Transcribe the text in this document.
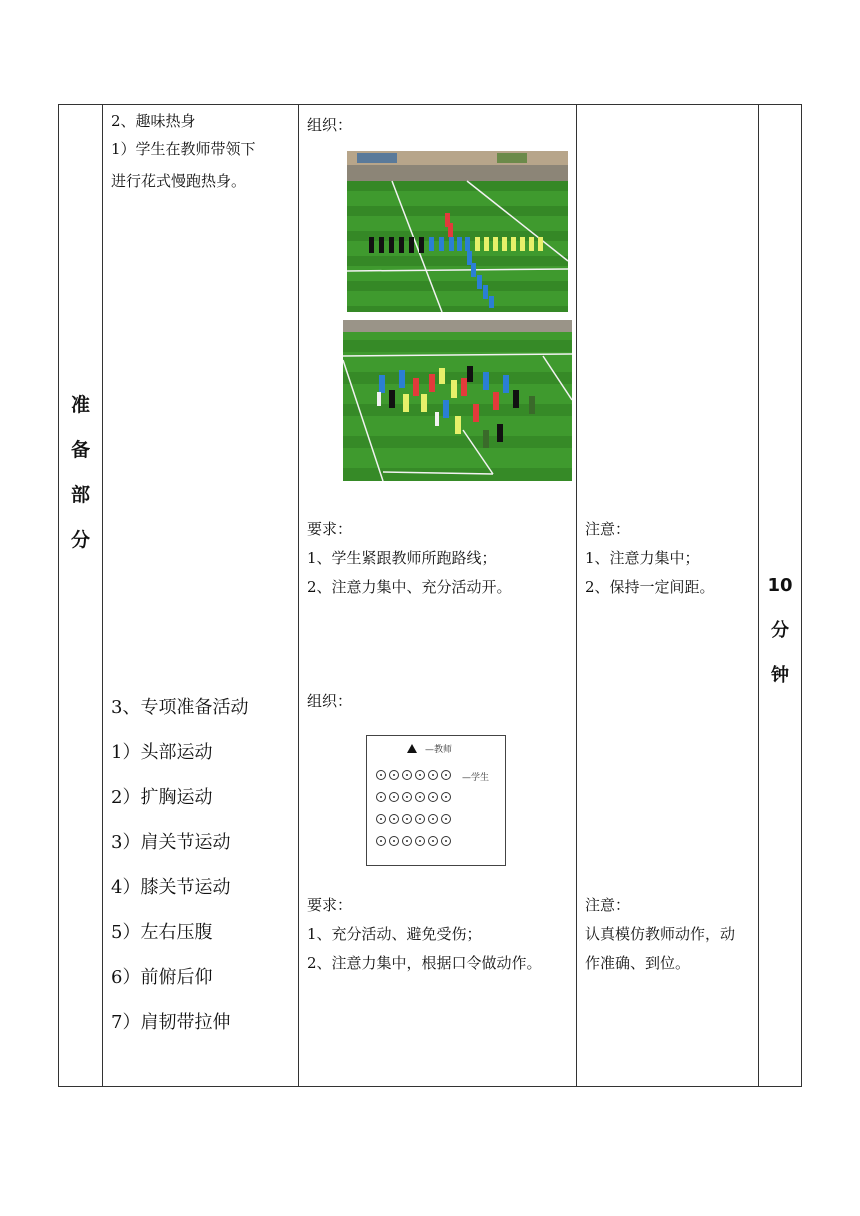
准
备
部
分
2、趣味热身
1）学生在教师带领下
进行花式慢跑热身。
3、专项准备活动
1）头部运动
2）扩胸运动
3）肩关节运动
4）膝关节运动
5）左右压腹
6）前俯后仰
7）肩韧带拉伸
组织：
要求：
1、学生紧跟教师所跑路线；
2、注意力集中、充分活动开。
组织：
—教师
—学生
要求：
1、充分活动、避免受伤；
2、注意力集中，根据口令做动作。
注意：
1、注意力集中；
2、保持一定间距。
注意：
认真模仿教师动作，动
作准确、到位。
10
分
钟
